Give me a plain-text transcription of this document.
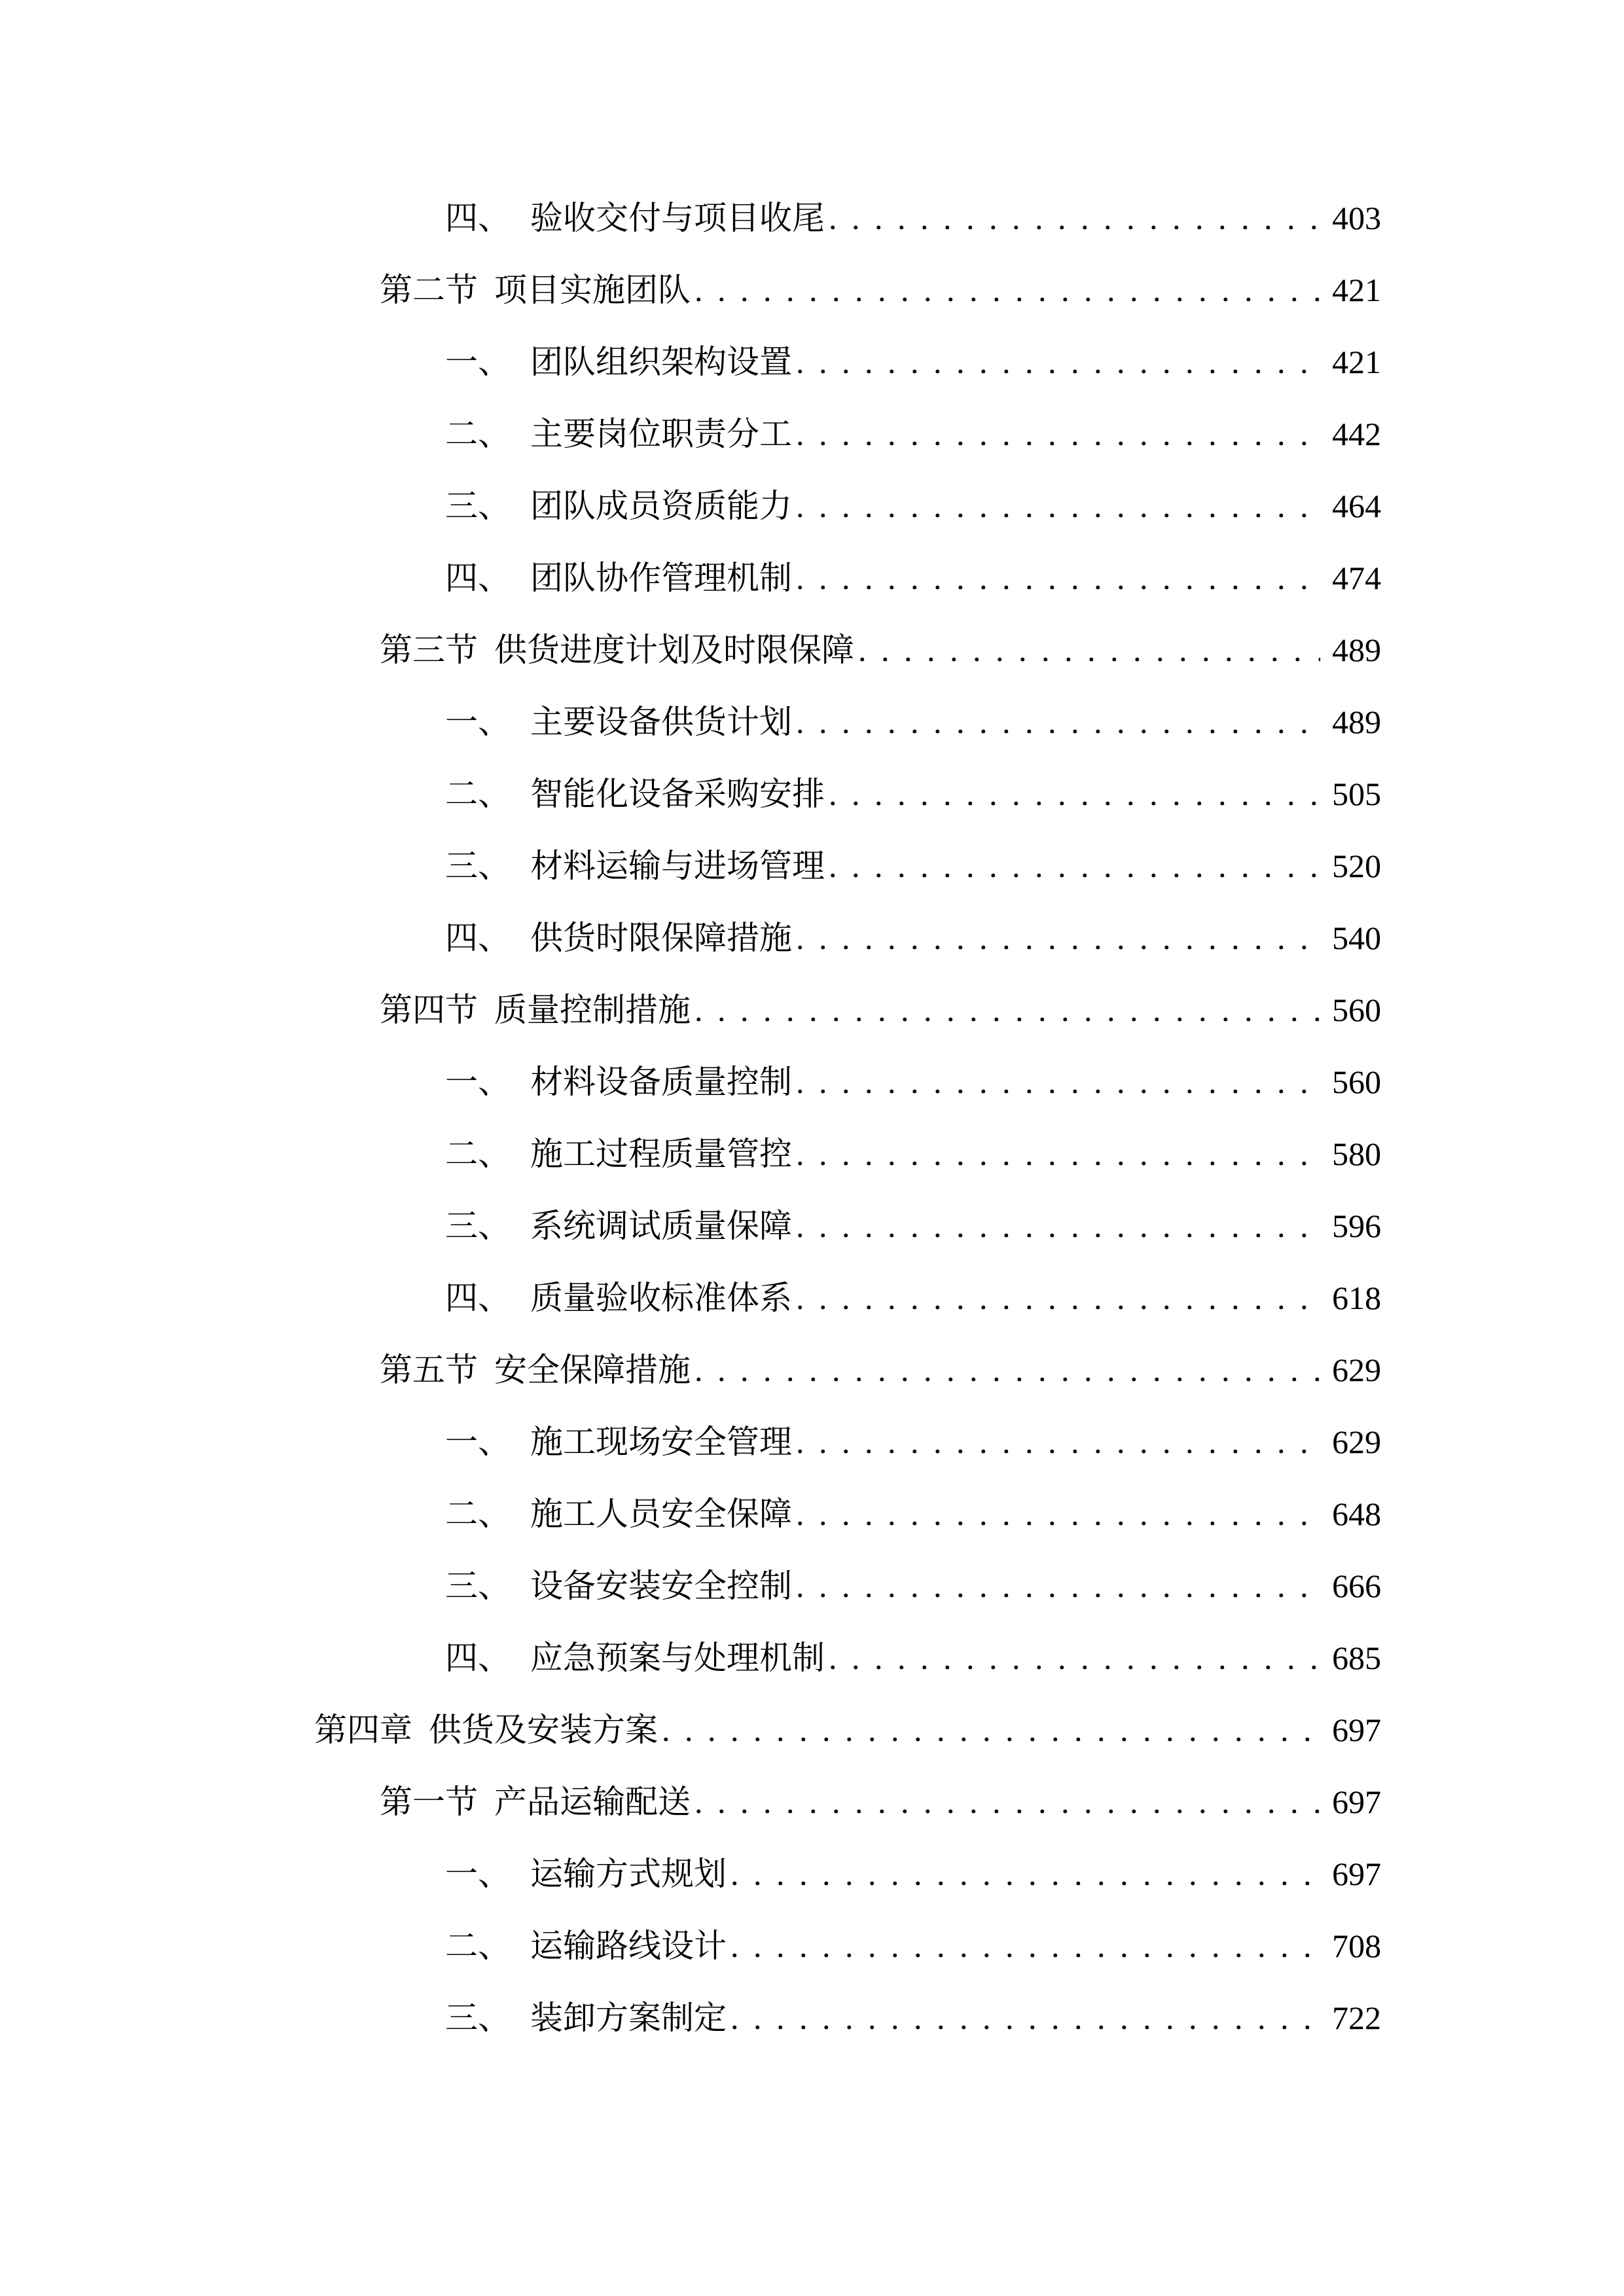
四、 验收交付与项目收尾 . . .	403
第二节 项目实施团队 . . .	421
一、 团队组织架构设置 . . .	421
二、 主要岗位职责分工 . . .	442
三、 团队成员资质能力 . . .	464
四、 团队协作管理机制 . . .	474
第三节 供货进度计划及时限保障 . . .	489
一、 主要设备供货计划 . . .	489
二、 智能化设备采购安排 . . .	505
三、 材料运输与进场管理 . . .	520
四、 供货时限保障措施 . . .	540
第四节 质量控制措施 . . .	560
一、 材料设备质量控制 . . .	560
二、 施工过程质量管控 . . .	580
三、 系统调试质量保障 . . .	596
四、 质量验收标准体系 . . .	618
第五节 安全保障措施 . . .	629
一、 施工现场安全管理 . . .	629
二、 施工人员安全保障 . . .	648
三、 设备安装安全控制 . . .	666
四、 应急预案与处理机制 . . .	685
第四章 供货及安装方案 . . .	697
第一节 产品运输配送 . . .	697
一、 运输方式规划 . . .	697
二、 运输路线设计 . . .	708
三、 装卸方案制定 . . .	722
